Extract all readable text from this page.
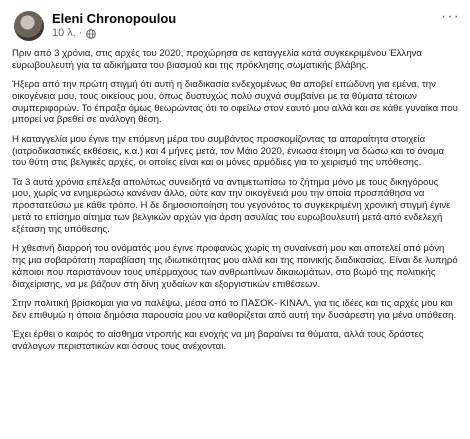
Eleni Chronopoulou
10 λ. ·
···

Πριν από 3 χρόνια, στις αρχές του 2020, προχώρησα σε καταγγελία κατά συγκεκριμένου Έλληνα ευρωβουλευτή για τα αδικήματα του βιασμού και της πρόκλησης σωματικής βλάβης.

Ήξερα από την πρώτη στιγμή ότι αυτή η διαδικασία ενδεχομένως θα αποβεί επώδυνη για εμένα, την οικογένεια μου, τους οικείους μου, όπως δυστυχώς πολύ συχνά συμβαίνει με τα θύματα τέτοιων συμπεριφορών. Το έπραξα όμως θεωρώντας ότι το οφείλω στον εαυτό μου αλλά και σε κάθε γυναίκα που μπορεί να βρεθεί σε ανάλογη θέση.

Η καταγγελία μου έγινε την επόμενη μέρα του συμβάντος προσκομίζοντας τα απαραίτητα στοιχεία (ιατροδικαστικές εκθέσεις, κ.α.) και 4 μήνες μετά, τον Μάιο 2020, ένιωσα έτοιμη να δώσω και το όνομα του θύτη στις βελγικές αρχές, οι οποίες είναι και οι μόνες αρμόδιες για το χειρισμό της υπόθεσης.

Τα 3 αυτά χρόνια επέλεξα απολύτως συνειδητά να αντιμετωπίσω το ζήτημα μόνο με τους δικηγόρους μου, χωρίς να ενημερώσω κανέναν άλλο, ούτε καν την οικογένειά μου την οποία προσπάθησα να προστατεύσω με κάθε τρόπο. Η δε δημοσιοποίηση του γεγονότος το συγκεκριμένη χρονική στιγμή έγινε μετά το επίσημο αίτημα των βελγικών αρχών για άρση ασυλίας του ευρωβουλευτή μετά από ενδελεχή εξέταση της υπόθεσης.

Η χθεσινή διαρροή του ονόματός μου έγινε προφανώς χωρίς τη συναίνεσή μου και αποτελεί από μόνη της μια σοβαρότατη παραβίαση της ιδιωτικότητας μου αλλά και της ποινικής διαδικασίας. Είναι δε λυπηρό κάποιοι που παριστάνουν τους υπέρμαχους των ανθρωπίνων δικαιωμάτων, στο βωμό της πολιτικής διαχείρισης, να με βάζουν στη δίνη χυδαίων και εξοργιστικών επιθέσεων.

Στην πολιτική βρίσκομαι για να παλέψω, μέσα από το ΠΑΣΟΚ- ΚΙΝΑΛ, για τις ιδέες και τις αρχές μου και δεν επιθυμώ η όποια δημόσια παρουσία μου να καθορίζεται από αυτή την δυσάρεστη για μένα υπόθεση.

Έχει έρθει ο καιρός το αίσθημα ντροπής και ενοχής να μη βαραίνει τα θύματα, αλλά τους δράστες ανάλογων περιστατικών και όσους τους ανέχονται.
